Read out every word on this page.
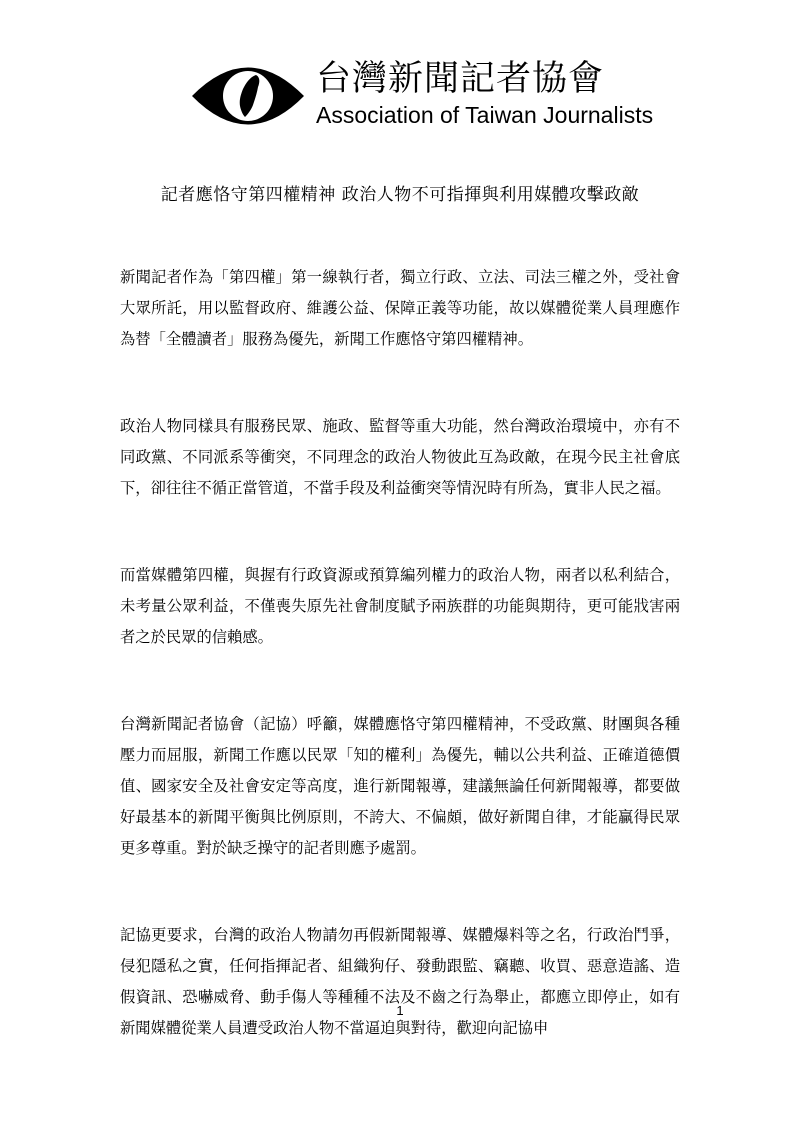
台灣新聞記者協會
Association of Taiwan Journalists
記者應恪守第四權精神 政治人物不可指揮與利用媒體攻擊政敵

新聞記者作為「第四權」第一線執行者，獨立行政、立法、司法三權之外，受社會大眾所託，用以監督政府、維護公益、保障正義等功能，故以媒體從業人員理應作為替「全體讀者」服務為優先，新聞工作應恪守第四權精神。

政治人物同樣具有服務民眾、施政、監督等重大功能，然台灣政治環境中，亦有不同政黨、不同派系等衝突，不同理念的政治人物彼此互為政敵，在現今民主社會底下，卻往往不循正當管道，不當手段及利益衝突等情況時有所為，實非人民之福。

而當媒體第四權，與握有行政資源或預算編列權力的政治人物，兩者以私利結合，未考量公眾利益，不僅喪失原先社會制度賦予兩族群的功能與期待，更可能戕害兩者之於民眾的信賴感。

台灣新聞記者協會（記協）呼籲，媒體應恪守第四權精神，不受政黨、財團與各種壓力而屈服，新聞工作應以民眾「知的權利」為優先，輔以公共利益、正確道德價值、國家安全及社會安定等高度，進行新聞報導，建議無論任何新聞報導，都要做好最基本的新聞平衡與比例原則，不誇大、不偏頗，做好新聞自律，才能贏得民眾更多尊重。對於缺乏操守的記者則應予處罰。

記協更要求，台灣的政治人物請勿再假新聞報導、媒體爆料等之名，行政治鬥爭，侵犯隱私之實，任何指揮記者、組織狗仔、發動跟監、竊聽、收買、惡意造謠、造假資訊、恐嚇威脅、動手傷人等種種不法及不齒之行為舉止，都應立即停止，如有新聞媒體從業人員遭受政治人物不當逼迫與對待，歡迎向記協申

1
